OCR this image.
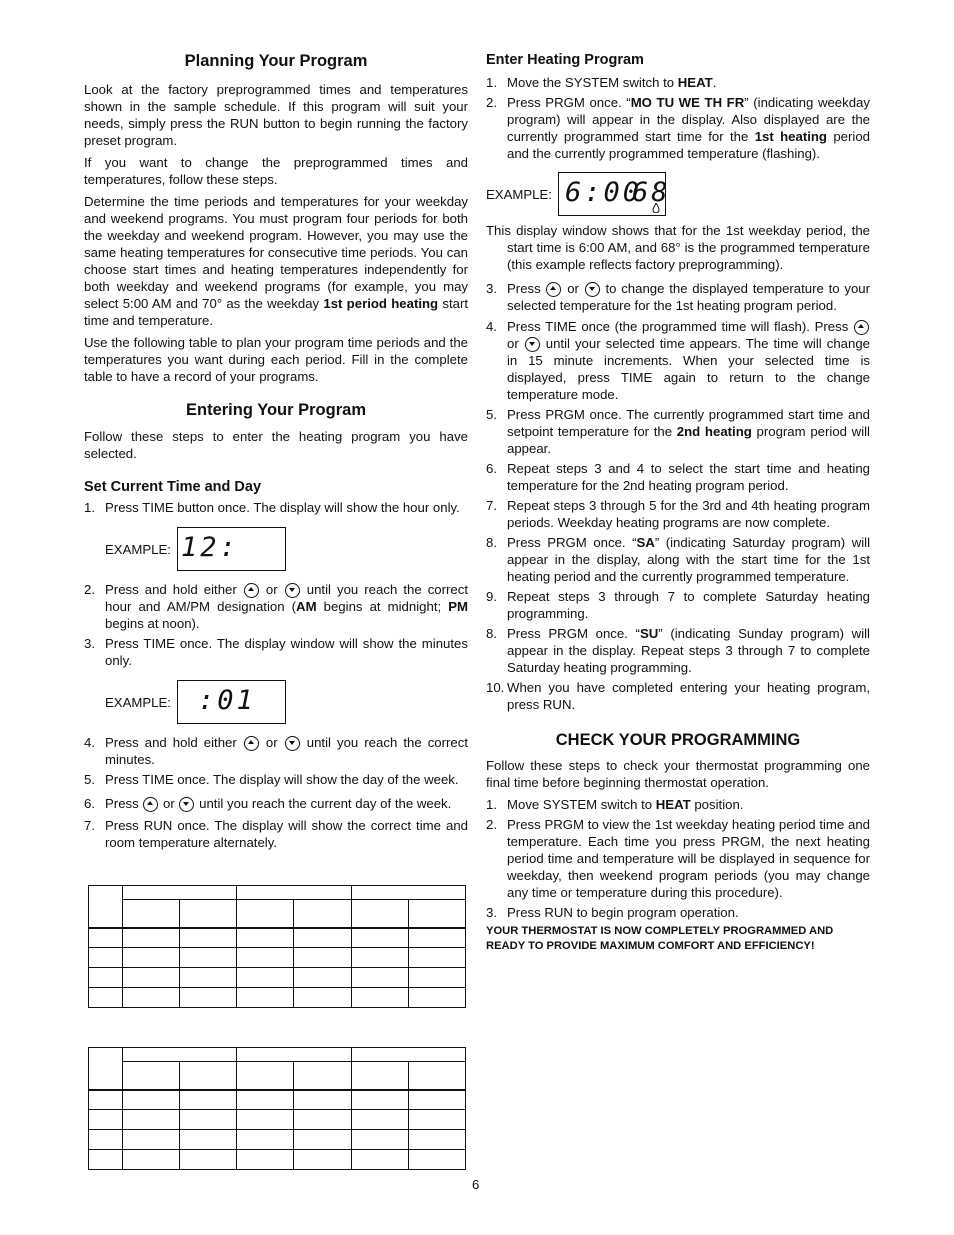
Planning Your Program

Look at the factory preprogrammed times and temperatures shown in the sample schedule. If this program will suit your needs, simply press the RUN button to begin running the factory preset program.

If you want to change the preprogrammed times and temperatures, follow these steps.

Determine the time periods and temperatures for your weekday and weekend programs. You must program four periods for both the weekday and weekend program. However, you may use the same heating temperatures for consecutive time periods. You can choose start times and heating temperatures independently for both weekday and weekend programs (for example, you may select 5:00 AM and 70° as the weekday 1st period heating start time and temperature.

Use the following table to plan your program time periods and the temperatures you want during each period. Fill in the complete table to have a record of your programs.

Entering Your Program

Follow these steps to enter the heating program you have selected.

Set Current Time and Day
1. Press TIME button once. The display will show the hour only.
EXAMPLE: 12:
2. Press and hold either  or  until you reach the correct hour and AM/PM designation (AM begins at midnight; PM begins at noon).
3. Press TIME once. The display window will show the minutes only.
EXAMPLE: :01
4. Press and hold either  or  until you reach the correct minutes.
5. Press TIME once. The display will show the day of the week.
6. Press  or  until you reach the current day of the week.
7. Press RUN once. The display will show the correct time and room temperature alternately.

Enter Heating Program
1. Move the SYSTEM switch to HEAT.
2. Press PRGM once. “MO TU WE TH FR” (indicating weekday program) will appear in the display. Also displayed are the currently programmed start time for the 1st heating period and the currently programmed temperature (flashing).
EXAMPLE: 6:00
68

This display window shows that for the 1st weekday period, the start time is 6:00 AM, and 68° is the programmed temperature (this example reflects factory preprogramming).

3. Press  or  to change the displayed temperature to your selected temperature for the 1st heating program period.
4. Press TIME once (the programmed time will flash). Press  or  until your selected time appears. The time will change in 15 minute increments. When your selected time is displayed, press TIME again to return to the change temperature mode.
5. Press PRGM once. The currently programmed start time and setpoint temperature for the 2nd heating program period will appear.
6. Repeat steps 3 and 4 to select the start time and heating temperature for the 2nd heating program period.
7. Repeat steps 3 through 5 for the 3rd and 4th heating program periods. Weekday heating programs are now complete.
8. Press PRGM once. “SA” (indicating Saturday program) will appear in the display, along with the start time for the 1st heating period and the currently programmed temperature.
9. Repeat steps 3 through 7 to complete Saturday heating programming.
8. Press PRGM once. “SU” (indicating Sunday program) will appear in the display. Repeat steps 3 through 7 to complete Saturday heating programming.
10. When you have completed entering your heating program, press RUN.
CHECK YOUR PROGRAMMING

Follow these steps to check your thermostat programming one final time before beginning thermostat operation.

1. Move SYSTEM switch to HEAT position.
2. Press PRGM to view the 1st weekday heating period time and temperature. Each time you press PRGM, the next heating period time and temperature will be displayed in sequence for weekday, then weekend program periods (you may change any time or temperature during this procedure).
3. Press RUN to begin program operation.
YOUR THERMOSTAT IS NOW COMPLETELY PROGRAMMED AND READY TO PROVIDE MAXIMUM COMFORT AND EFFICIENCY!
6
